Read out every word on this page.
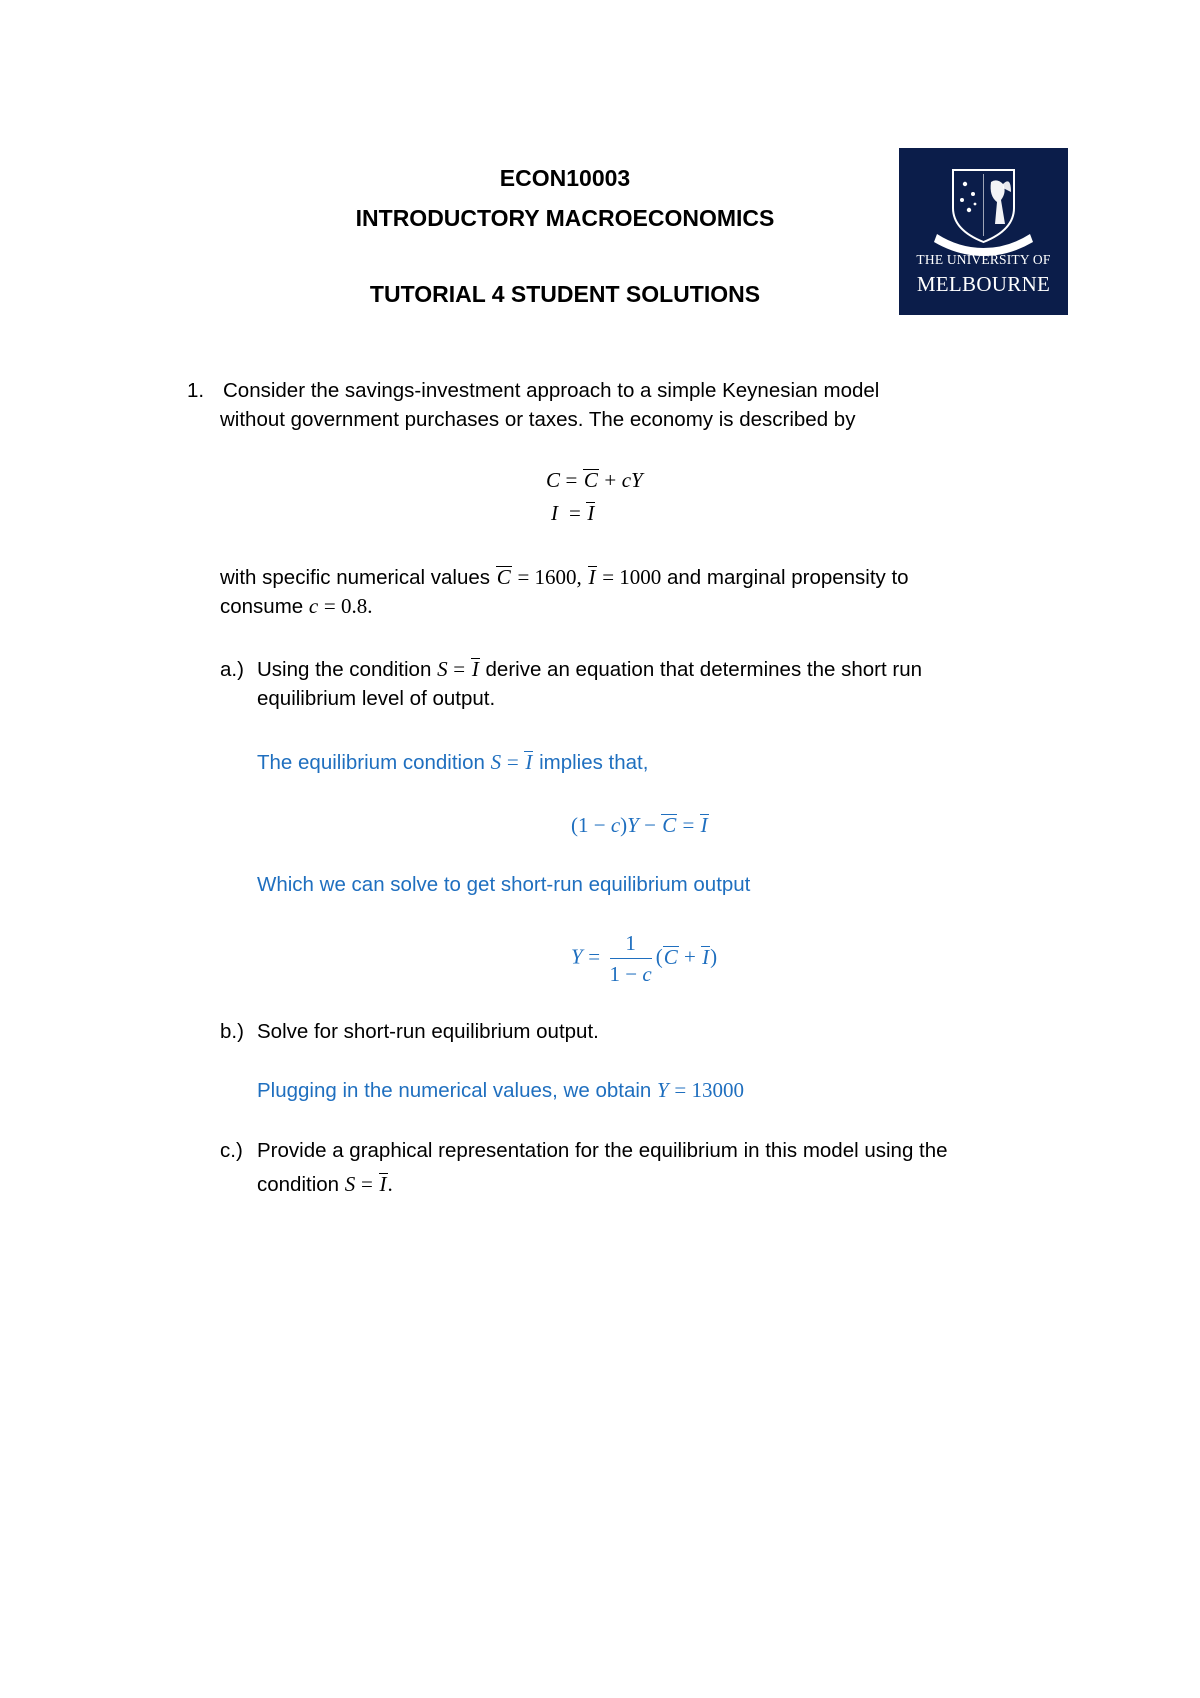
ECON10003
INTRODUCTORY MACROECONOMICS
TUTORIAL 4 STUDENT SOLUTIONS
THE UNIVERSITY OF
MELBOURNE
1. Consider the savings-investment approach to a simple Keynesian model
without government purchases or taxes. The economy is described by
C = C + cY
I = I
with specific numerical values C = 1600, I = 1000 and marginal propensity to
consume c = 0.8.
a.) Using the condition S = I derive an equation that determines the short run
equilibrium level of output.
The equilibrium condition S = I implies that,
(1 − c)Y − C = I
Which we can solve to get short-run equilibrium output
$Y = \frac{1}{1 - c} (C + I)$
b.) Solve for short-run equilibrium output.
Plugging in the numerical values, we obtain Y = 13000
c.) Provide a graphical representation for the equilibrium in this model using the
condition S = I.
